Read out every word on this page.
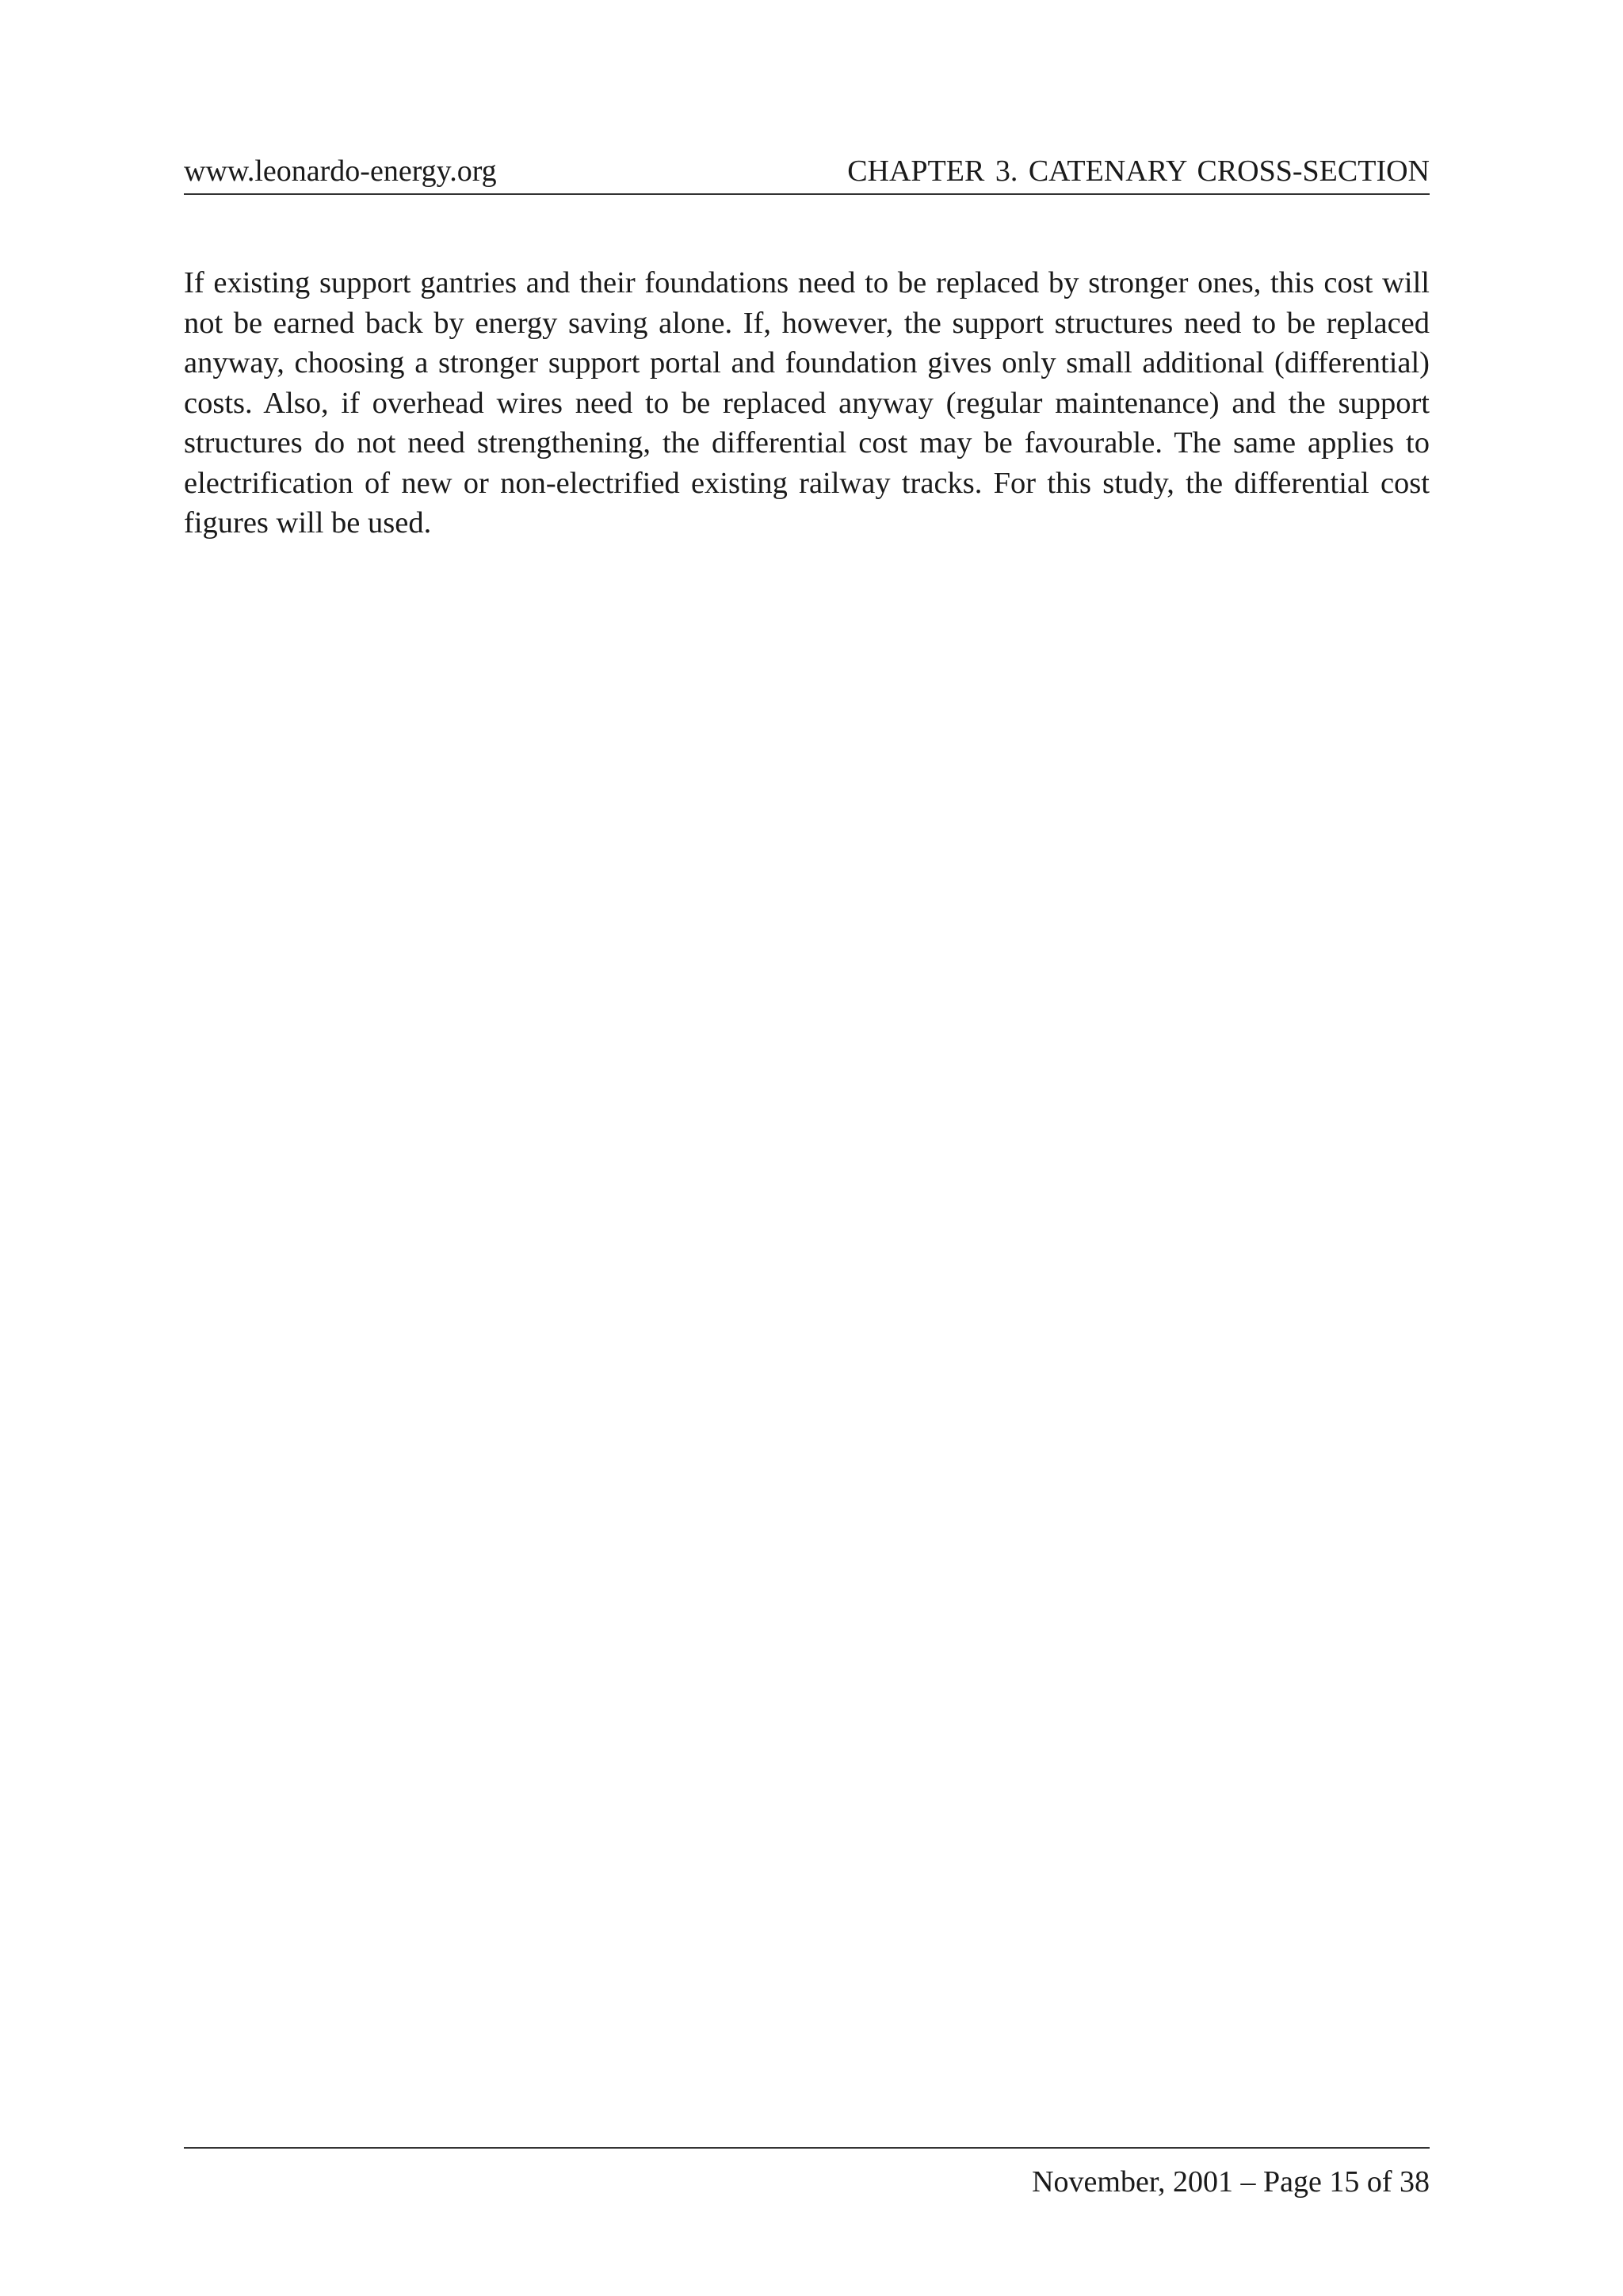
www.leonardo-energy.org	CHAPTER 3. CATENARY CROSS-SECTION

If existing support gantries and their foundations need to be replaced by stronger ones, this cost will not be earned back by energy saving alone. If, however, the support structures need to be replaced anyway, choosing a stronger support portal and foundation gives only small additional (differential) costs. Also, if overhead wires need to be replaced anyway (regular maintenance) and the support structures do not need strengthening, the differential cost may be favourable. The same applies to electrification of new or non-electrified existing railway tracks. For this study, the differential cost figures will be used.

November, 2001 – Page 15 of 38
